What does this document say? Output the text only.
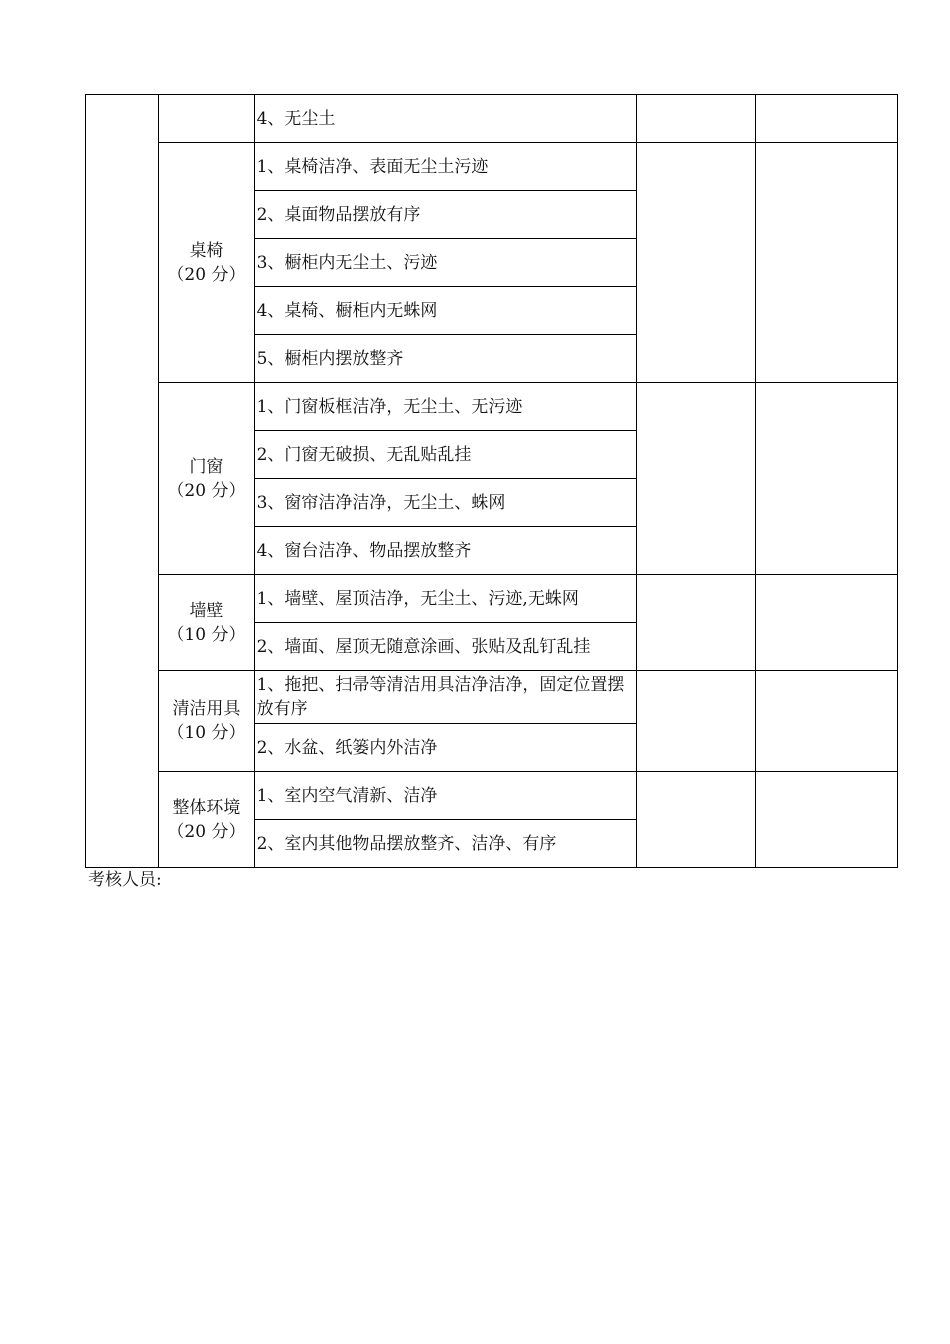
		4、无尘土		

	桌椅
（20 分）	1、桌椅洁净、表面无尘土污迹		
		2、桌面物品摆放有序		
		3、橱柜内无尘土、污迹		
		4、桌椅、橱柜内无蛛网		
		5、橱柜内摆放整齐		

	门窗
（20 分）	1、门窗板框洁净，无尘土、无污迹		
		2、门窗无破损、无乱贴乱挂		
		3、窗帘洁净洁净，无尘土、蛛网		
		4、窗台洁净、物品摆放整齐		

	墙壁
（10 分）	1、墙壁、屋顶洁净，无尘土、污迹,无蛛网		
		2、墙面、屋顶无随意涂画、张贴及乱钉乱挂		

	清洁用具
（10 分）	1、拖把、扫帚等清洁用具洁净洁净，固定位置摆放有序		
		2、水盆、纸篓内外洁净		

	整体环境
（20 分）	1、室内空气清新、洁净		
		2、室内其他物品摆放整齐、洁净、有序		
考核人员:
